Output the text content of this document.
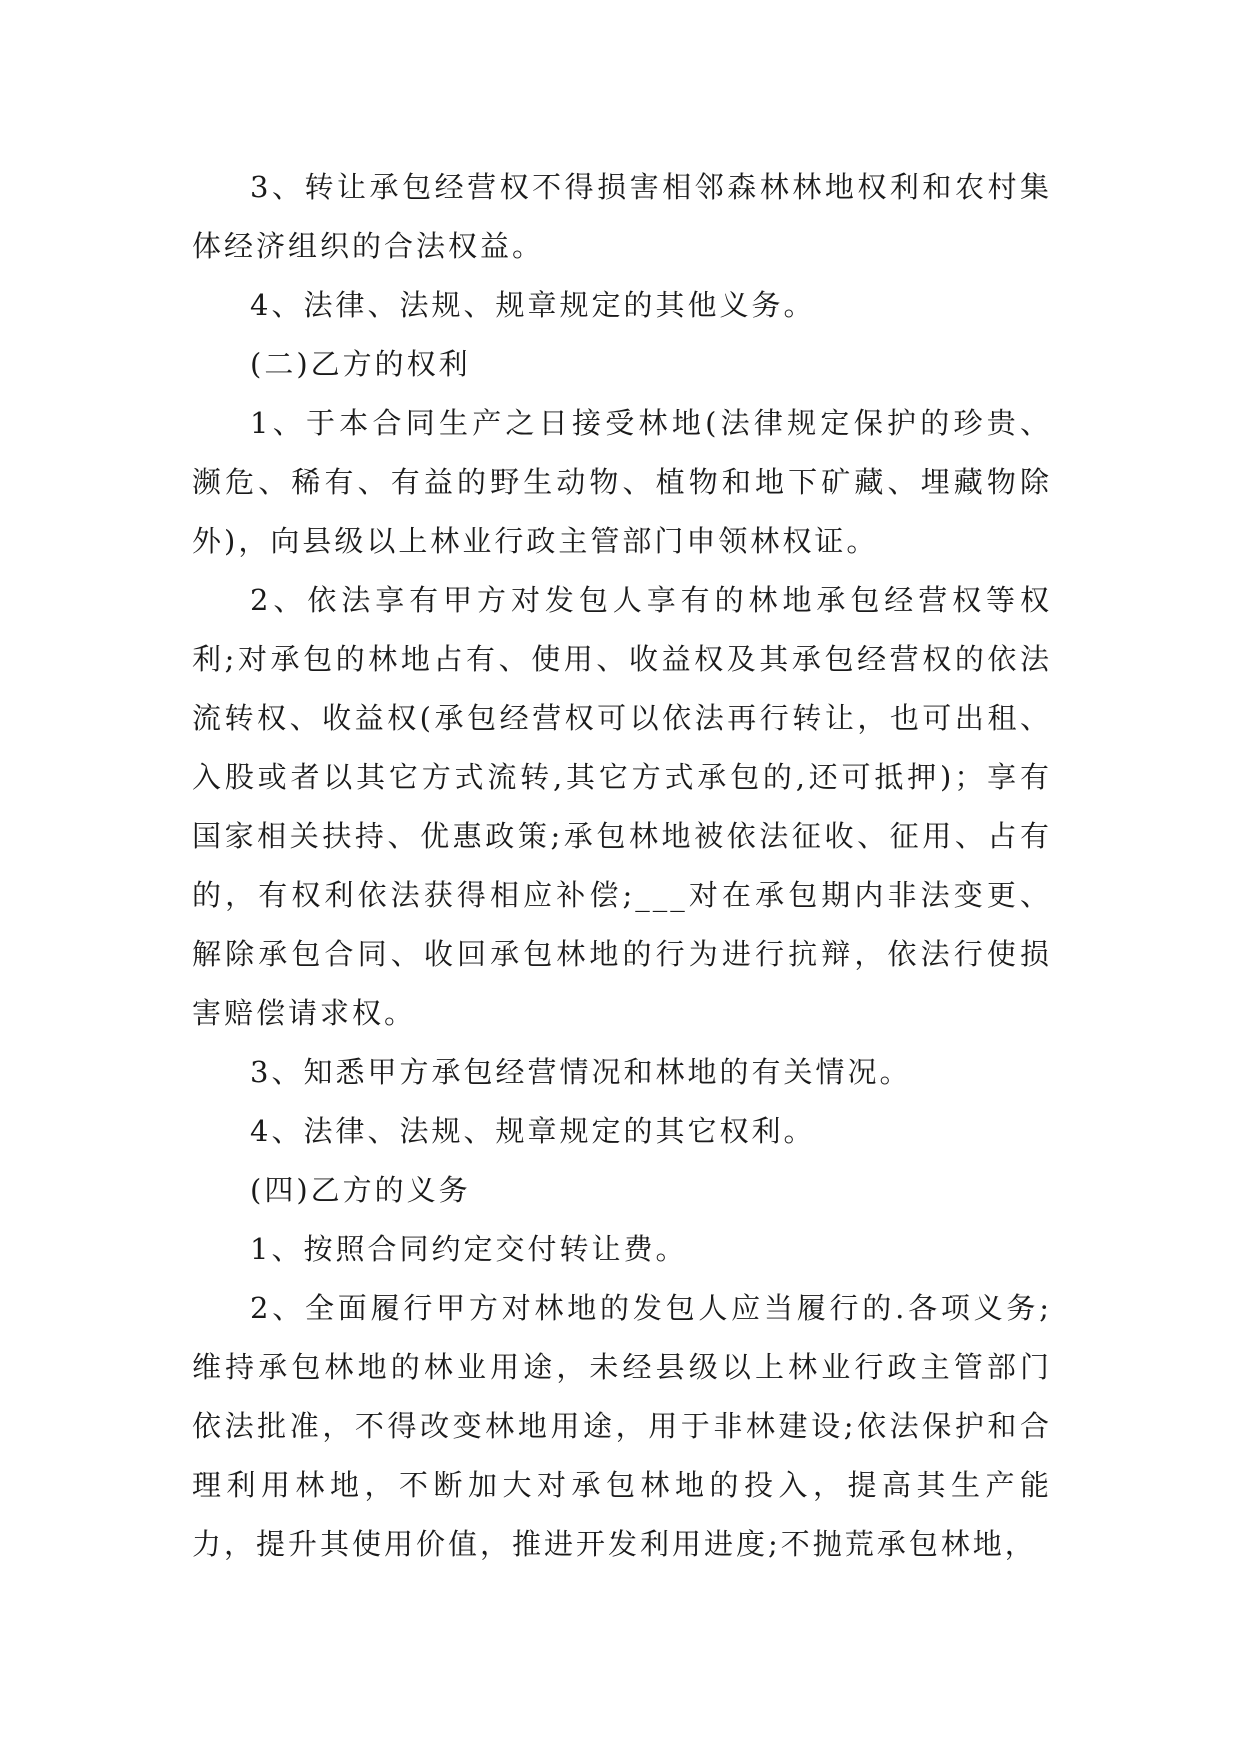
3、转让承包经营权不得损害相邻森林林地权利和农村集体经济组织的合法权益。

4、法律、法规、规章规定的其他义务。

(二)乙方的权利

1、于本合同生产之日接受林地(法律规定保护的珍贵、濒危、稀有、有益的野生动物、植物和地下矿藏、埋藏物除外)，向县级以上林业行政主管部门申领林权证。

2、依法享有甲方对发包人享有的林地承包经营权等权利;对承包的林地占有、使用、收益权及其承包经营权的依法流转权、收益权(承包经营权可以依法再行转让，也可出租、入股或者以其它方式流转,其它方式承包的,还可抵押)；享有国家相关扶持、优惠政策;承包林地被依法征收、征用、占有的，有权利依法获得相应补偿;___对在承包期内非法变更、解除承包合同、收回承包林地的行为进行抗辩，依法行使损害赔偿请求权。

3、知悉甲方承包经营情况和林地的有关情况。

4、法律、法规、规章规定的其它权利。

(四)乙方的义务

1、按照合同约定交付转让费。

2、全面履行甲方对林地的发包人应当履行的.各项义务;维持承包林地的林业用途，未经县级以上林业行政主管部门依法批准，不得改变林地用途，用于非林建设;依法保护和合理利用林地，不断加大对承包林地的投入，提高其生产能力，提升其使用价值，推进开发利用进度;不抛荒承包林地，
